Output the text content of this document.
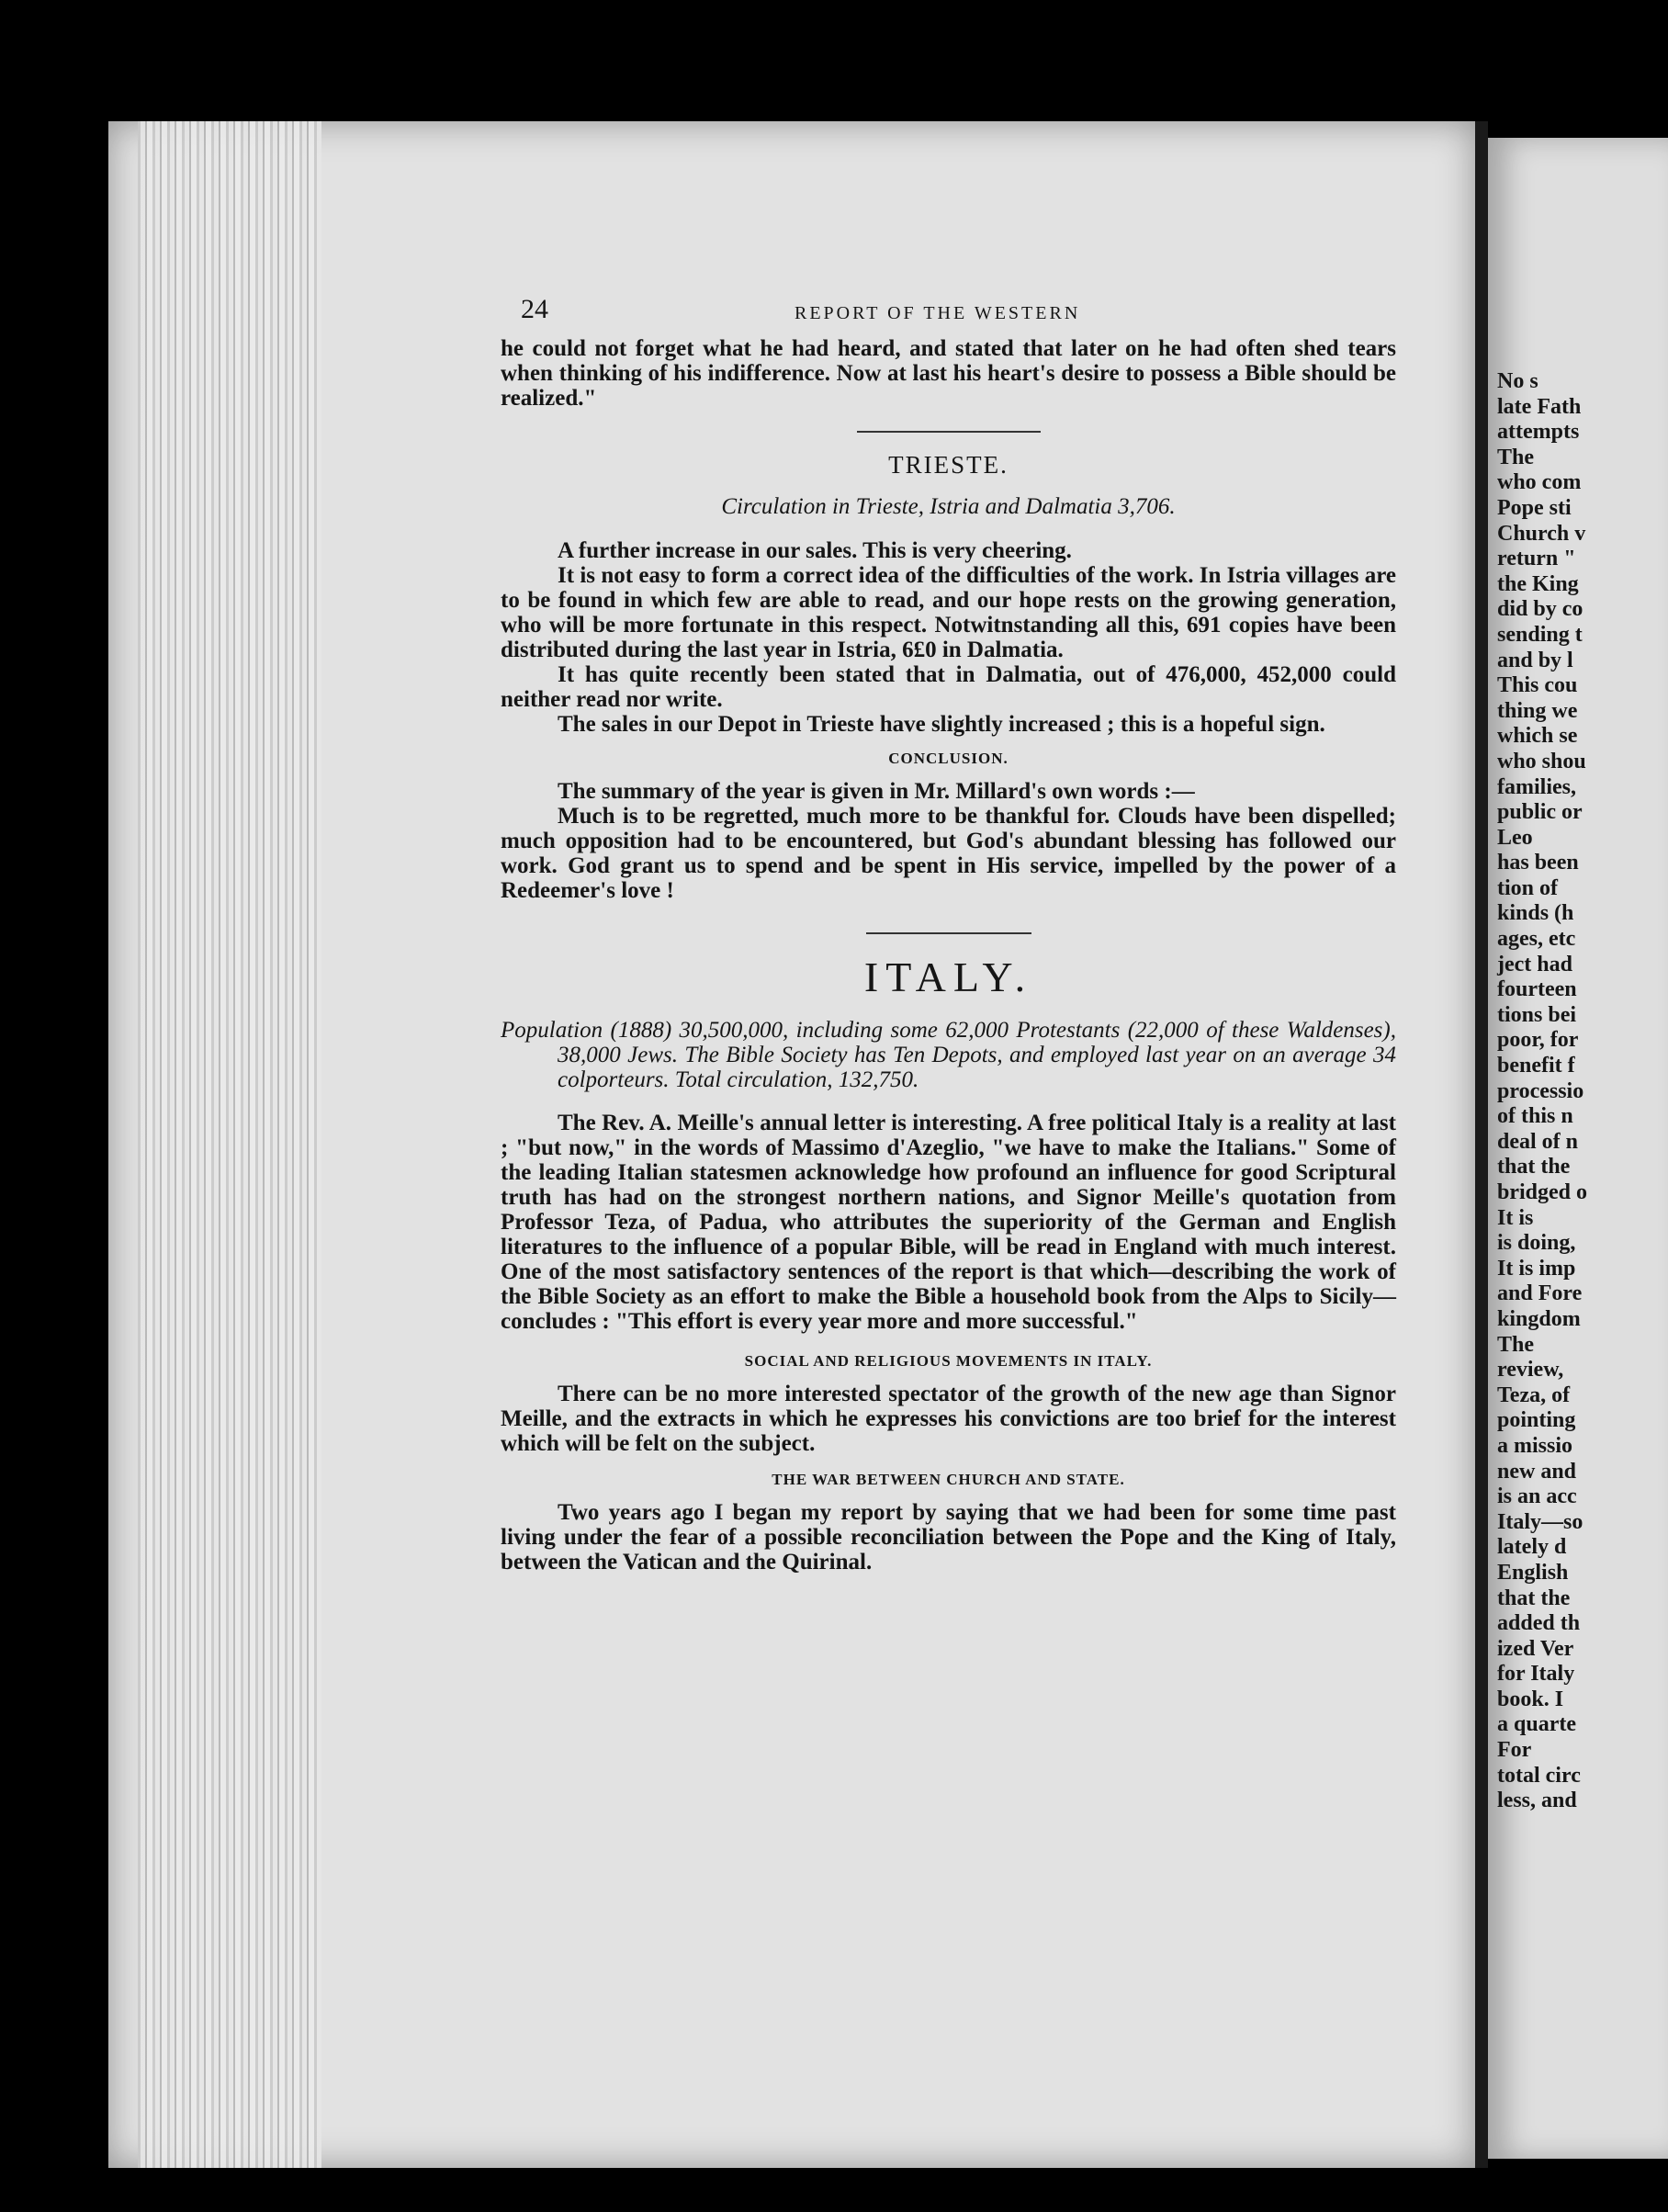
No s
late Fath
attempts
The
who com
Pope sti
Church v
return "
the King
did by co
sending t
and by l
This cou
thing we
which se
who shou
families,
public or
Leo
has been
tion of
kinds (h
ages, etc
ject had
fourteen
tions bei
poor, for
benefit f
processio
of this n
deal of n
that the
bridged o
It is
is doing,
It is imp
and Fore
kingdom
The
review,
Teza, of
pointing
a missio
new and
is an acc
Italy—so
lately d
English
that the
added th
ized Ver
for Italy
book. I
a quarte
For
total circ
less, and
24	REPORT OF THE WESTERN

he could not forget what he had heard, and stated that later on he had often shed tears when thinking of his indifference. Now at last his heart's desire to possess a Bible should be realized."

TRIESTE.

Circulation in Trieste, Istria and Dalmatia 3,706.

A further increase in our sales. This is very cheering.

It is not easy to form a correct idea of the difficulties of the work. In Istria villages are to be found in which few are able to read, and our hope rests on the growing generation, who will be more fortunate in this respect. Notwitnstanding all this, 691 copies have been distributed during the last year in Istria, 6£0 in Dalmatia.

It has quite recently been stated that in Dalmatia, out of 476,000, 452,000 could neither read nor write.

The sales in our Depot in Trieste have slightly increased ; this is a hopeful sign.

CONCLUSION.

The summary of the year is given in Mr. Millard's own words :—

Much is to be regretted, much more to be thankful for. Clouds have been dispelled; much opposition had to be encountered, but God's abundant blessing has followed our work. God grant us to spend and be spent in His service, impelled by the power of a Redeemer's love !

ITALY.

Population (1888) 30,500,000, including some 62,000 Protestants (22,000 of these Waldenses), 38,000 Jews. The Bible Society has Ten Depots, and employed last year on an average 34 colporteurs. Total circulation, 132,750.

The Rev. A. Meille's annual letter is interesting. A free political Italy is a reality at last ; "but now," in the words of Massimo d'Azeglio, "we have to make the Italians." Some of the leading Italian statesmen acknowledge how profound an influence for good Scriptural truth has had on the strongest northern nations, and Signor Meille's quotation from Professor Teza, of Padua, who attributes the superiority of the German and English literatures to the influence of a popular Bible, will be read in England with much interest. One of the most satisfactory sentences of the report is that which—describing the work of the Bible Society as an effort to make the Bible a household book from the Alps to Sicily—concludes : "This effort is every year more and more successful."

SOCIAL AND RELIGIOUS MOVEMENTS IN ITALY.

There can be no more interested spectator of the growth of the new age than Signor Meille, and the extracts in which he expresses his convictions are too brief for the interest which will be felt on the subject.

THE WAR BETWEEN CHURCH AND STATE.

Two years ago I began my report by saying that we had been for some time past living under the fear of a possible reconciliation between the Pope and the King of Italy, between the Vatican and the Quirinal.
